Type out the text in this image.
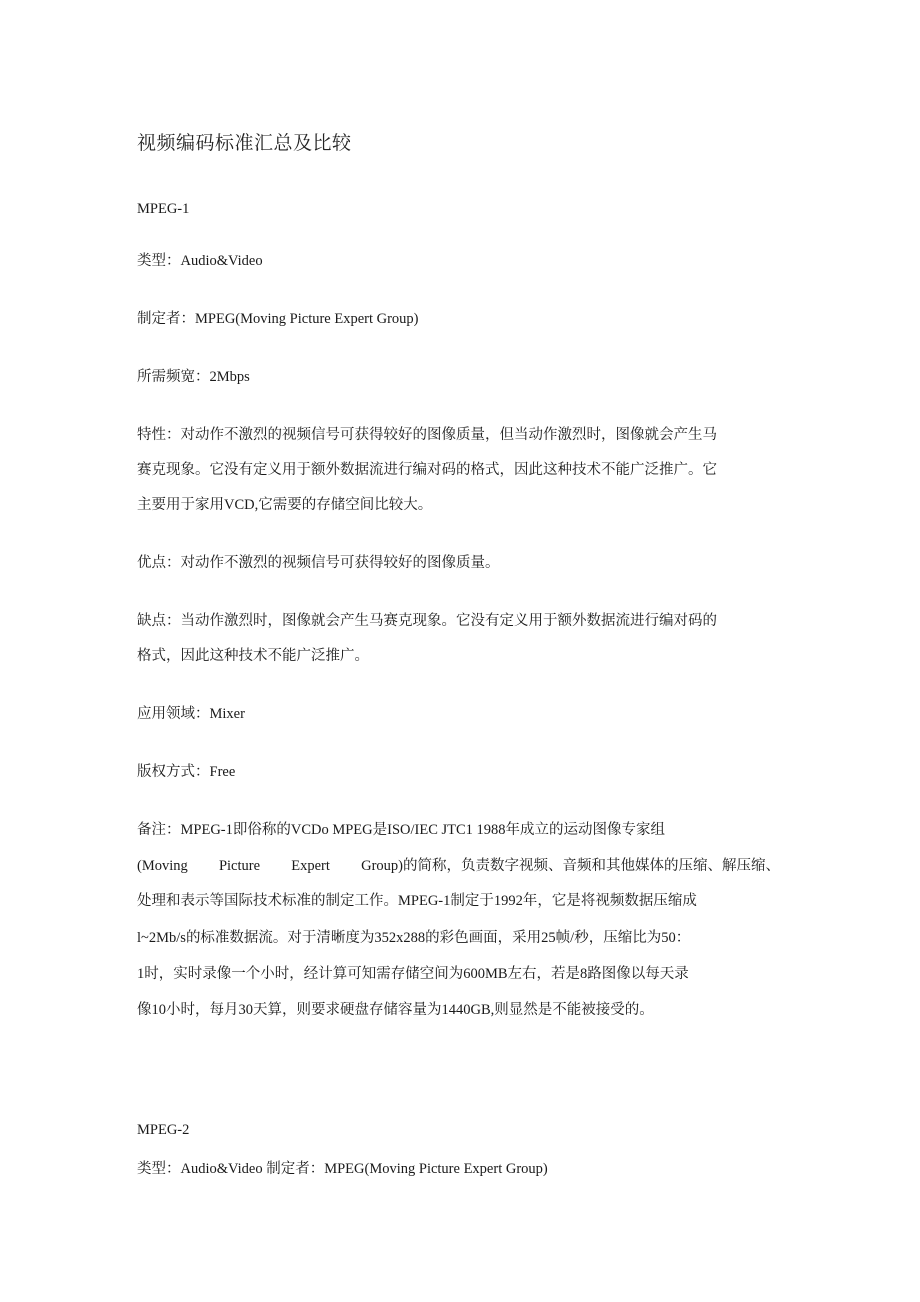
视频编码标准汇总及比较
MPEG-1
类型：Audio&Video
制定者：MPEG(Moving Picture Expert Group)
所需频宽：2Mbps
特性：对动作不激烈的视频信号可获得较好的图像质量，但当动作激烈时，图像就会产生马
赛克现象。它没有定义用于额外数据流进行编对码的格式，因此这种技术不能广泛推广。它
主要用于家用VCD,它需要的存储空间比较大。
优点：对动作不激烈的视频信号可获得较好的图像质量。
缺点：当动作激烈时，图像就会产生马赛克现象。它没有定义用于额外数据流进行编对码的
格式，因此这种技术不能广泛推广。
应用领域：Mixer
版权方式：Free
备注：MPEG-1即俗称的VCDo MPEG是ISO/IEC JTC1 1988年成立的运动图像专家组
(Moving Picture Expert Group)的简称，负责数字视频、音频和其他媒体的压缩、解压缩、
处理和表示等国际技术标准的制定工作。MPEG-1制定于1992年，它是将视频数据压缩成
l~2Mb/s的标准数据流。对于清晰度为352x288的彩色画面，采用25帧/秒，压缩比为50：
1时，实时录像一个小时，经计算可知需存储空间为600MB左右，若是8路图像以每天录
像10小时，每月30天算，则要求硬盘存储容量为1440GB,则显然是不能被接受的。
MPEG-2
类型：Audio&Video 制定者：MPEG(Moving Picture Expert Group)
